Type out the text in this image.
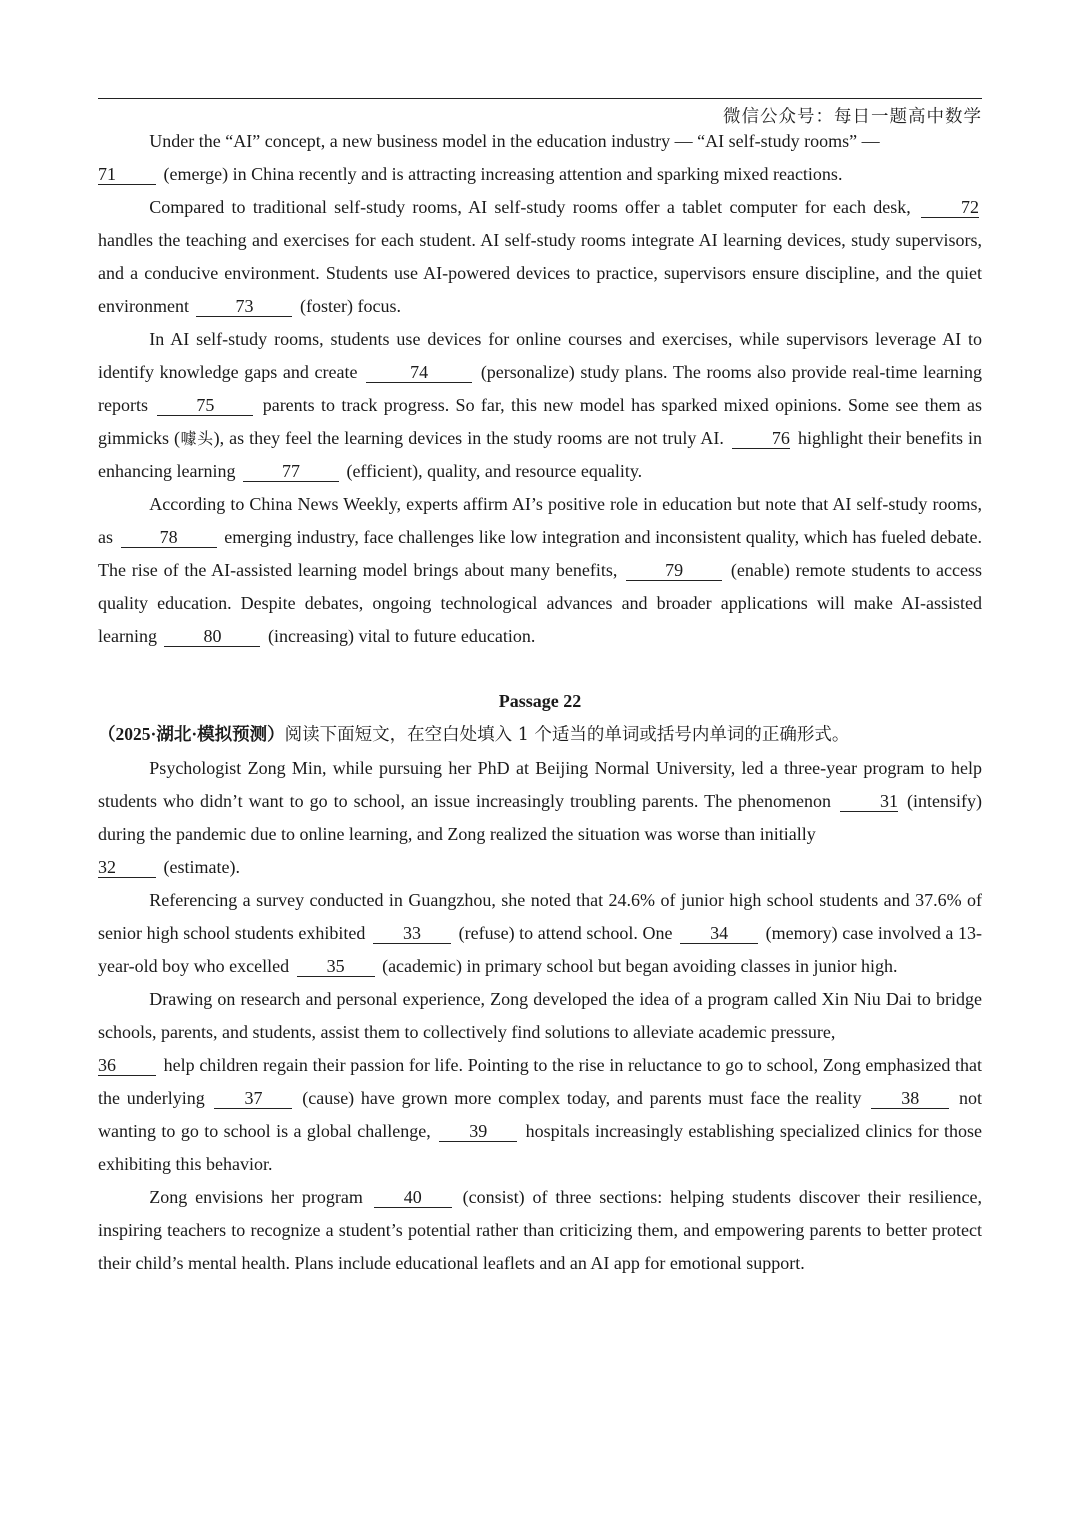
微信公众号：每日一题高中数学

Under the “AI” concept, a new business model in the education industry — “AI self-study rooms” —
71	(emerge) in China recently and is attracting increasing attention and sparking mixed reactions.

Compared to traditional self-study rooms, AI self-study rooms offer a tablet computer for each desk,	72 handles the teaching and exercises for each student. AI self-study rooms integrate AI learning devices, study supervisors, and a conducive environment. Students use AI-powered devices to practice, supervisors ensure discipline, and the quiet environment	73	(foster) focus.

In AI self-study rooms, students use devices for online courses and exercises, while supervisors leverage AI to identify knowledge gaps and create	74	(personalize) study plans. The rooms also provide real-time learning reports	75	parents to track progress. So far, this new model has sparked mixed opinions. Some see them as gimmicks (噱头), as they feel the learning devices in the study rooms are not truly AI.	76 highlight their benefits in enhancing learning	77	(efficient), quality, and resource equality.

According to China News Weekly, experts affirm AI’s positive role in education but note that AI self-study rooms, as	78	emerging industry, face challenges like low integration and inconsistent quality, which has fueled debate. The rise of the AI-assisted learning model brings about many benefits,	79	(enable) remote students to access quality education. Despite debates, ongoing technological advances and broader applications will make AI-assisted learning	80	(increasing) vital to future education.

Passage 22

（2025·湖北·模拟预测）阅读下面短文，在空白处填入 1 个适当的单词或括号内单词的正确形式。

Psychologist Zong Min, while pursuing her PhD at Beijing Normal University, led a three-year program to help students who didn’t want to go to school, an issue increasingly troubling parents. The phenomenon	31 (intensify) during the pandemic due to online learning, and Zong realized the situation was worse than initially
32	(estimate).

Referencing a survey conducted in Guangzhou, she noted that 24.6% of junior high school students and 37.6% of senior high school students exhibited 33 (refuse) to attend school. One 34 (memory) case involved a 13-year-old boy who excelled 35 (academic) in primary school but began avoiding classes in junior high.

Drawing on research and personal experience, Zong developed the idea of a program called Xin Niu Dai to bridge schools, parents, and students, assist them to collectively find solutions to alleviate academic pressure,
36	help children regain their passion for life. Pointing to the rise in reluctance to go to school, Zong emphasized that the underlying 37 (cause) have grown more complex today, and parents must face the reality 38 not wanting to go to school is a global challenge, 39 hospitals increasingly establishing specialized clinics for those exhibiting this behavior.

Zong envisions her program 40 (consist) of three sections: helping students discover their resilience, inspiring teachers to recognize a student’s potential rather than criticizing them, and empowering parents to better protect their child’s mental health. Plans include educational leaflets and an AI app for emotional support.
